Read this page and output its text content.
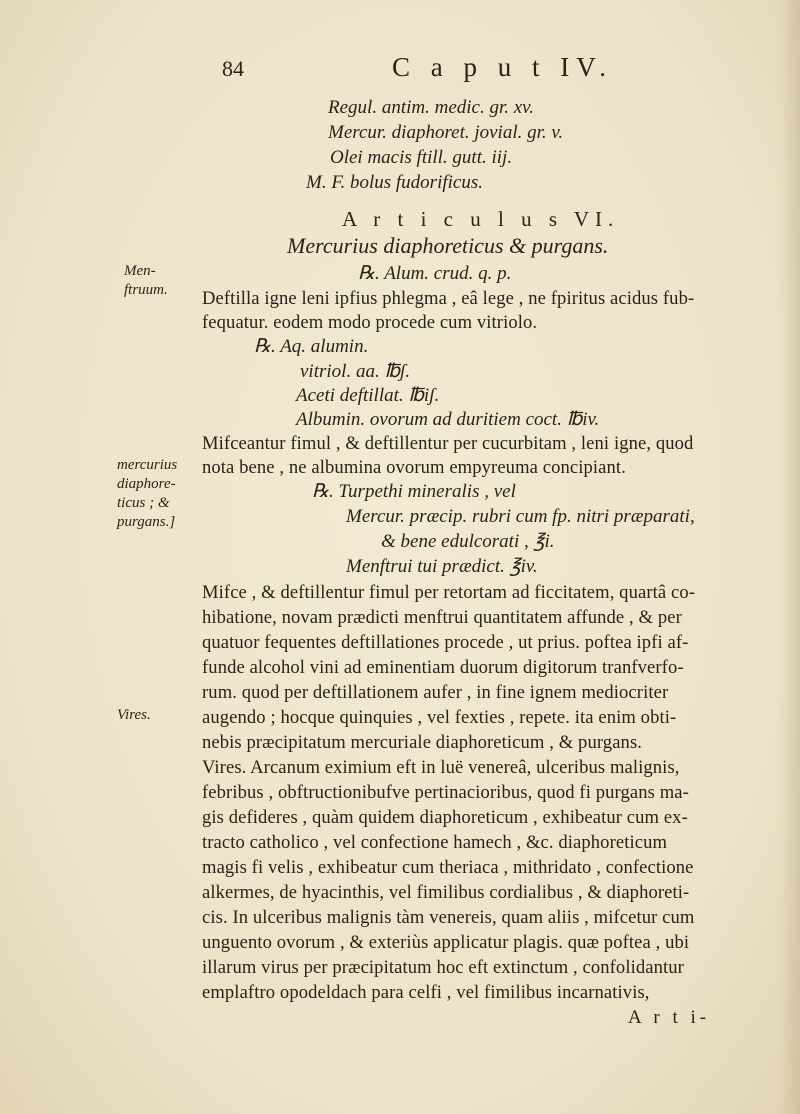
84	C a p u t IV.
Regul. antim. medic. gr. xv.
Mercur. diaphoret. jovial. gr. v.
Olei macis ftill. gutt. iij.
M. F. bolus fudorificus.
A r t i c u l u s VI.
Mercurius diaphoreticus & purgans.
Men-
ftruum.
mercurius
diaphore-
ticus ; &
purgans.]
Vires.
℞. Alum. crud. q. p.
Deftilla igne leni ipfius phlegma , eâ lege , ne fpiritus acidus fub-
fequatur. eodem modo procede cum vitriolo.
℞. Aq. alumin.
vitriol. aa. ℔ʃ.
Aceti deftillat. ℔iʃ.
Albumin. ovorum ad duritiem coct. ℔iv.
Mifceantur fimul , & deftillentur per cucurbitam , leni igne, quod
nota bene , ne albumina ovorum empyreuma concipiant.
℞. Turpethi mineralis , vel
Mercur. præcip. rubri cum fp. nitri præparati,
& bene edulcorati , ℥i.
Menftrui tui prædict. ℥iv.
Mifce , & deftillentur fimul per retortam ad ficcitatem, quartâ co-
hibatione, novam prædicti menftrui quantitatem affunde , & per
quatuor fequentes deftillationes procede , ut prius. poftea ipfi af-
funde alcohol vini ad eminentiam duorum digitorum tranfverfo-
rum. quod per deftillationem aufer , in fine ignem mediocriter
augendo ; hocque quinquies , vel fexties , repete. ita enim obti-
nebis præcipitatum mercuriale diaphoreticum , & purgans.
Vires. Arcanum eximium eft in luë venereâ, ulceribus malignis,
febribus , obftructionibufve pertinacioribus, quod fi purgans ma-
gis defideres , quàm quidem diaphoreticum , exhibeatur cum ex-
tracto catholico , vel confectione hamech , &c. diaphoreticum
magis fi velis , exhibeatur cum theriaca , mithridato , confectione
alkermes, de hyacinthis, vel fimilibus cordialibus , & diaphoreti-
cis. In ulceribus malignis tàm venereis, quam aliis , mifcetur cum
unguento ovorum , & exteriùs applicatur plagis. quæ poftea , ubi
illarum virus per præcipitatum hoc eft extinctum , confolidantur
emplaftro opodeldach para celfi , vel fimilibus incarnativis,
A r t i-
